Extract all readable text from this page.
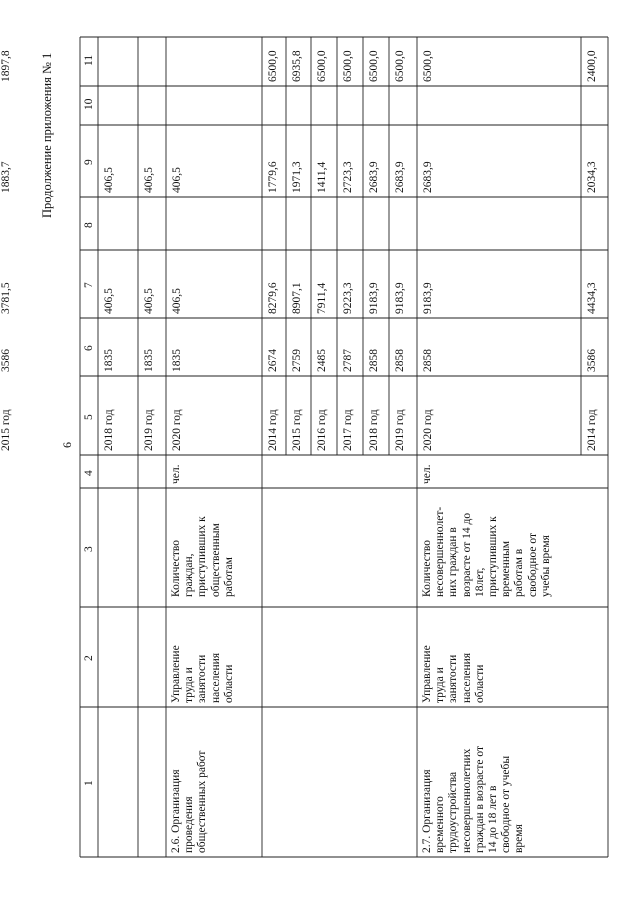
6
Продолжение приложения № 1
1
2
3
4
5
6
7
8
9
10
11
2018 год
1835
406,5
406,5
2019 год
1835
406,5
406,5
2020 год
1835
406,5
406,5
2014 год
2674
8279,6
1779,6
6500,0
2015 год
2759
8907,1
1971,3
6935,8
2016 год
2485
7911,4
1411,4
6500,0
2017 год
2787
9223,3
2723,3
6500,0
2018 год
2858
9183,9
2683,9
6500,0
2019 год
2858
9183,9
2683,9
6500,0
2020 год
2858
9183,9
2683,9
6500,0
2014 год
3586
4434,3
2034,3
2400,0
2015 год
3586
3781,5
1883,7
1897,8
2.6. Организация проведения общественных работ
Управление труда и занятости населения области
Количество граждан, приступивших к общественным работам
чел.
2.7. Организация временного трудоустройства несовершеннолетних граждан в возрасте от 14 до 18 лет в свободное от учебы время
Управление труда и занятости населения области
Количество несовершеннолет- них граждан в возрасте от 14 до 18лет, приступивших к временным работам в свободное от учебы время
чел.
